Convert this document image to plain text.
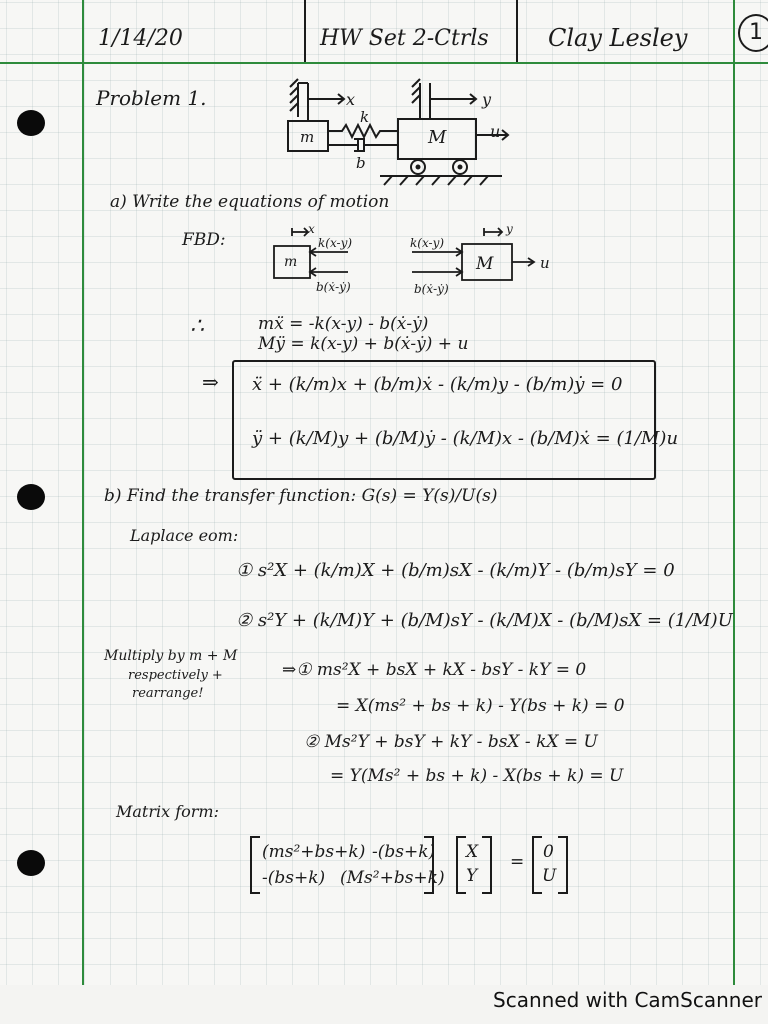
1/14/20	HW Set 2-Ctrls Clay Lesley	1
Problem 1.	x	y
u
k
b
m	M
a) Write the equations of motion
FBD:
x
k(x-y)
b(ẋ-ẏ)
k(x-y)
b(ẋ-ẏ)
y
u
m	M
∴	mẍ = -k(x-y) - b(ẋ-ẏ)
Mÿ = k(x-y) + b(ẋ-ẏ) + u
⇒ ẍ + (k/m)x + (b/m)ẋ - (k/m)y - (b/m)ẏ = 0
ÿ + (k/M)y + (b/M)ẏ - (k/M)x - (b/M)ẋ = (1/M)u
b) Find the transfer function: G(s) = Y(s)/U(s)
Laplace eom:
① s²X + (k/m)X + (b/m)sX - (k/m)Y - (b/m)sY = 0
② s²Y + (k/M)Y + (b/M)sY - (k/M)X - (b/M)sX = (1/M)U
Multiply by m + M
respectively +
rearrange!
⇒① ms²X + bsX + kX - bsY - kY = 0
= X(ms² + bs + k) - Y(bs + k) = 0
② Ms²Y + bsY + kY - bsX - kX = U
= Y(Ms² + bs + k) - X(bs + k) = U
Matrix form:
(ms²+bs+k) -(bs+k)
-(bs+k) (Ms²+bs+k)
X
Y
= 0
U
Scanned with CamScanner
